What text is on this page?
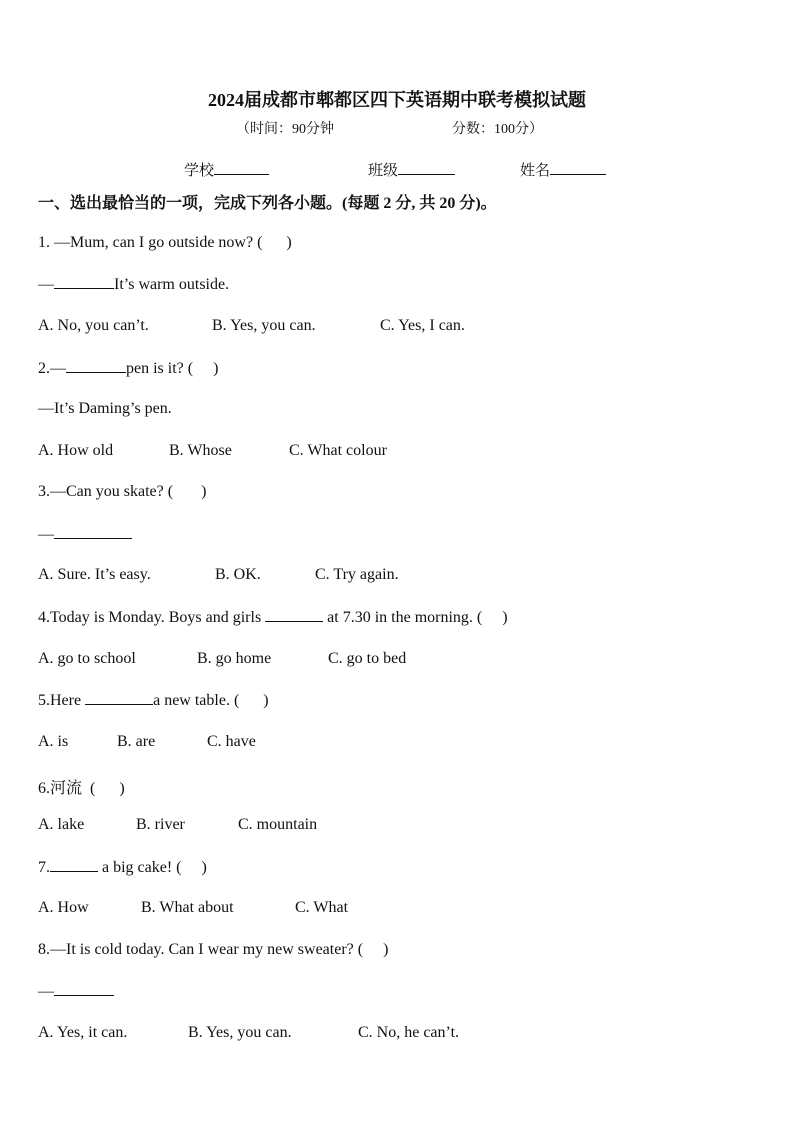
2024届成都市郫都区四下英语期中联考模拟试题
（时间：90分钟	分数：100分）
学校	班级	姓名
一、选出最恰当的一项，完成下列各小题。(每题 2 分, 共 20 分)。
1. —Mum, can I go outside now? (      )
—	It’s warm outside.
A. No, you can’t.	B. Yes, you can.	C. Yes, I can.
2.—	pen is it? (     )
—It’s Daming’s pen.
A. How old	B. Whose	C. What colour
3.—Can you skate? (       )
—
A. Sure. It’s easy.	B. OK.	C. Try again.
4.Today is Monday. Boys and girls	at 7.30 in the morning. (     )
A. go to school	B. go home	C. go to bed
5.Here	a new table. (      )
A. is	B. are	C. have
6.河流  (      )
A. lake	B. river	C. mountain
7.	a big cake! (     )
A. How	B. What about	C. What
8.—It is cold today. Can I wear my new sweater? (     )
—
A. Yes, it can.	B. Yes, you can.	C. No, he can’t.
